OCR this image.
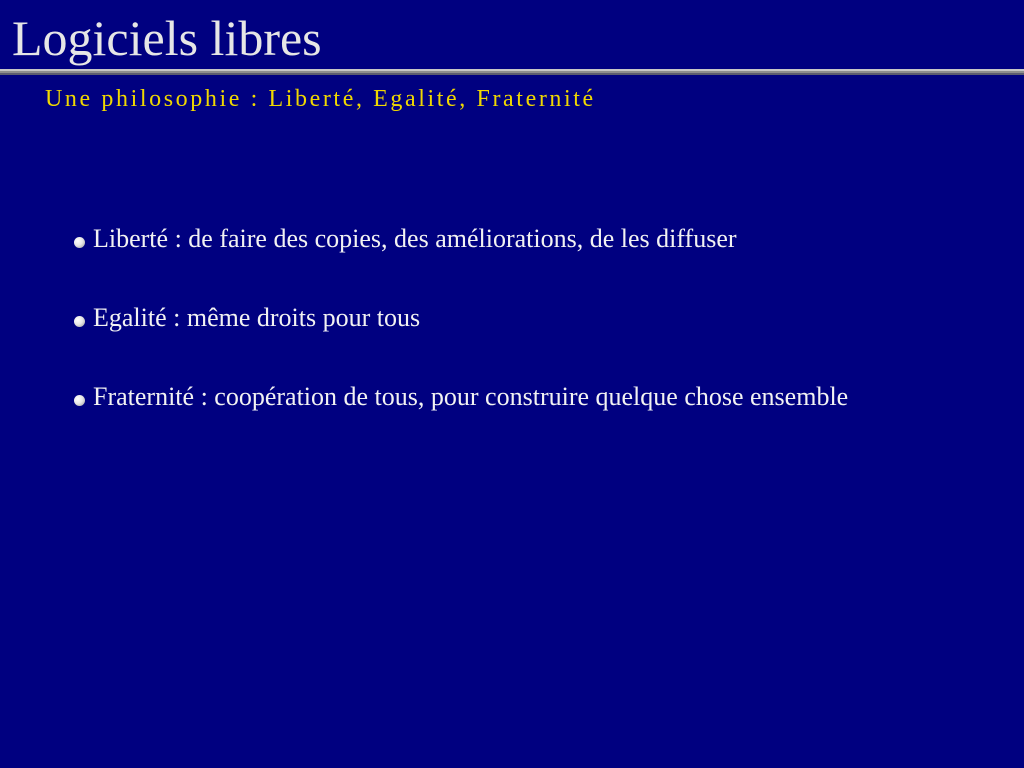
Logiciels libres
Une philosophie : Liberté, Egalité, Fraternité
Liberté : de faire des copies, des améliorations, de les diffuser
Egalité : même droits pour tous
Fraternité : coopération de tous, pour construire quelque chose ensemble
